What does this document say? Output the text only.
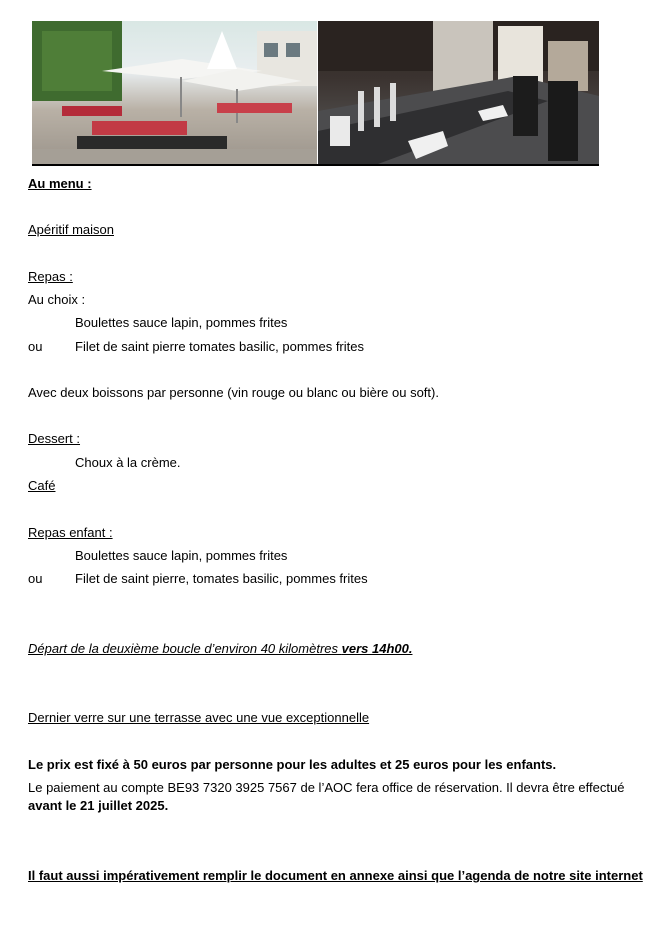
Au menu :
Apéritif maison
Repas :
Au choix :
Boulettes sauce lapin, pommes frites
ou	Filet de saint pierre tomates basilic, pommes frites
Avec deux boissons par personne (vin rouge ou blanc ou bière ou soft).
Dessert :
Choux à la crème.
Café
Repas enfant :
Boulettes sauce lapin, pommes frites
ou	Filet de saint pierre, tomates basilic, pommes frites
Départ de la deuxième boucle d’environ 40 kilomètres vers 14h00.
Dernier verre sur une terrasse avec une vue exceptionnelle
Le prix est fixé à 50 euros par personne pour les adultes et 25 euros pour les enfants.
Le paiement au compte BE93 7320 3925 7567 de l’AOC fera office de réservation. Il devra être effectué
avant le 21 juillet 2025.
Il faut aussi impérativement remplir le document en annexe ainsi que l’agenda de notre site internet
